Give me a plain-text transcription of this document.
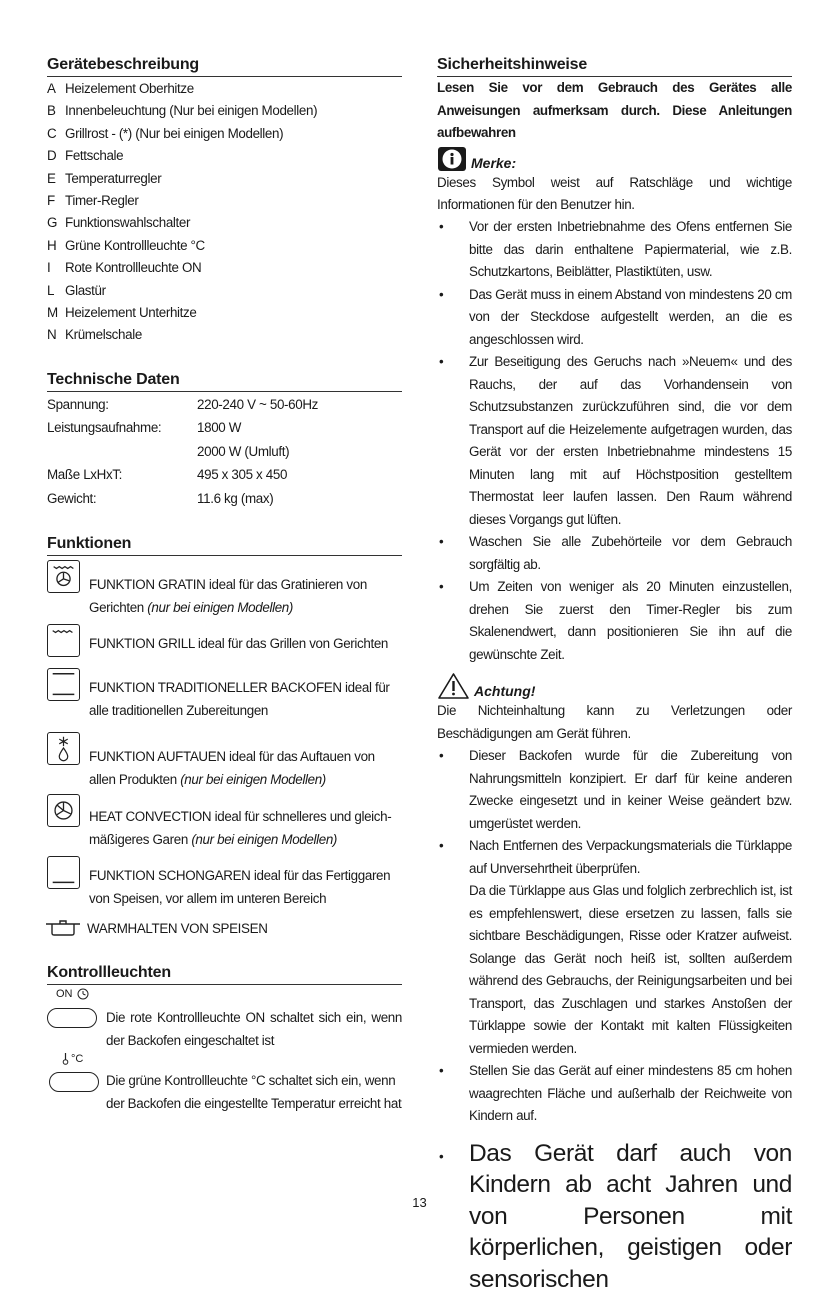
Gerätebeschreibung
A Heizelement Oberhitze
B Innenbeleuchtung (Nur bei einigen Modellen)
C Grillrost - (*) (Nur bei einigen Modellen)
D Fettschale
E Temperaturregler
F Timer-Regler
G Funktionswahlschalter
H Grüne Kontrollleuchte °C
I	Rote Kontrollleuchte ON
L Glastür
M Heizelement Unterhitze
N Krümelschale
Technische Daten
Spannung:	220-240 V ~ 50-60Hz
Leistungsaufnahme:	1800 W
2000 W (Umluft)
Maße LxHxT:	495 x 305 x 450
Gewicht:	11.6 kg (max)
Funktionen
FUNKTION GRATIN ideal für das Gratinieren von Gerichten (nur bei einigen Modellen)
FUNKTION GRILL ideal für das Grillen von Gerichten
FUNKTION TRADITIONELLER BACKOFEN ideal für alle traditionellen Zubereitungen
FUNKTION AUFTAUEN ideal für das Auftauen von allen Produkten (nur bei einigen Modellen)
HEAT CONVECTION ideal für schnelleres und gleich-mäßigeres Garen (nur bei einigen Modellen)
FUNKTION SCHONGAREN ideal für das Fertiggaren von Speisen, vor allem im unteren Bereich
WARMHALTEN VON SPEISEN
Kontrollleuchten
ON
Die rote Kontrollleuchte ON schaltet sich ein, wenn der Backofen eingeschaltet ist
°C
Die grüne Kontrollleuchte °C schaltet sich ein, wenn der Backofen die eingestellte Temperatur erreicht hat
Sicherheitshinweise
Lesen Sie vor dem Gebrauch des Gerätes alle Anweisungen aufmerksam durch. Diese Anleitungen aufbewahren
Merke:
Dieses Symbol weist auf Ratschläge und wichtige Informationen für den Benutzer hin.
•	Vor der ersten Inbetriebnahme des Ofens entfernen Sie bitte das darin enthaltene Papiermaterial, wie z.B. Schutzkartons, Beiblätter, Plastiktüten, usw.
•	Das Gerät muss in einem Abstand von mindestens 20 cm von der Steckdose aufgestellt werden, an die es angeschlossen wird.
•	Zur Beseitigung des Geruchs nach »Neuem« und des Rauchs, der auf das Vorhandensein von Schutzsubstanzen zurückzuführen sind, die vor dem Transport auf die Heizelemente aufgetragen wurden, das Gerät vor der ersten Inbetriebnahme mindestens 15 Minuten lang mit auf Höchstposition gestelltem Thermostat leer laufen lassen. Den Raum während dieses Vorgangs gut lüften.
•	Waschen Sie alle Zubehörteile vor dem Gebrauch sorgfältig ab.
•	Um Zeiten von weniger als 20 Minuten einzustellen, drehen Sie zuerst den Timer-Regler bis zum Skalenendwert, dann positionieren Sie ihn auf die gewünschte Zeit.
Achtung!
Die Nichteinhaltung kann zu Verletzungen oder Beschädigungen am Gerät führen.
•	Dieser Backofen wurde für die Zubereitung von Nahrungsmitteln konzipiert. Er darf für keine anderen Zwecke eingesetzt und in keiner Weise geändert bzw. umgerüstet werden.
•	Nach Entfernen des Verpackungsmaterials die Türklappe auf Unversehrtheit überprüfen.
Da die Türklappe aus Glas und folglich zerbrechlich ist, ist es empfehlenswert, diese ersetzen zu lassen, falls sie sichtbare Beschädigungen, Risse oder Kratzer aufweist. Solange das Gerät noch heiß ist, sollten außerdem während des Gebrauchs, der Reinigungsarbeiten und bei Transport, das Zuschlagen und starkes Anstoßen der Türklappe sowie der Kontakt mit kalten Flüssigkeiten vermieden werden.
•	Stellen Sie das Gerät auf einer mindestens 85 cm hohen waagrechten Fläche und außerhalb der Reichweite von Kindern auf.
•	Das Gerät darf auch von Kindern ab acht Jahren und von Personen mit körperlichen, geistigen oder sensorischen
13
